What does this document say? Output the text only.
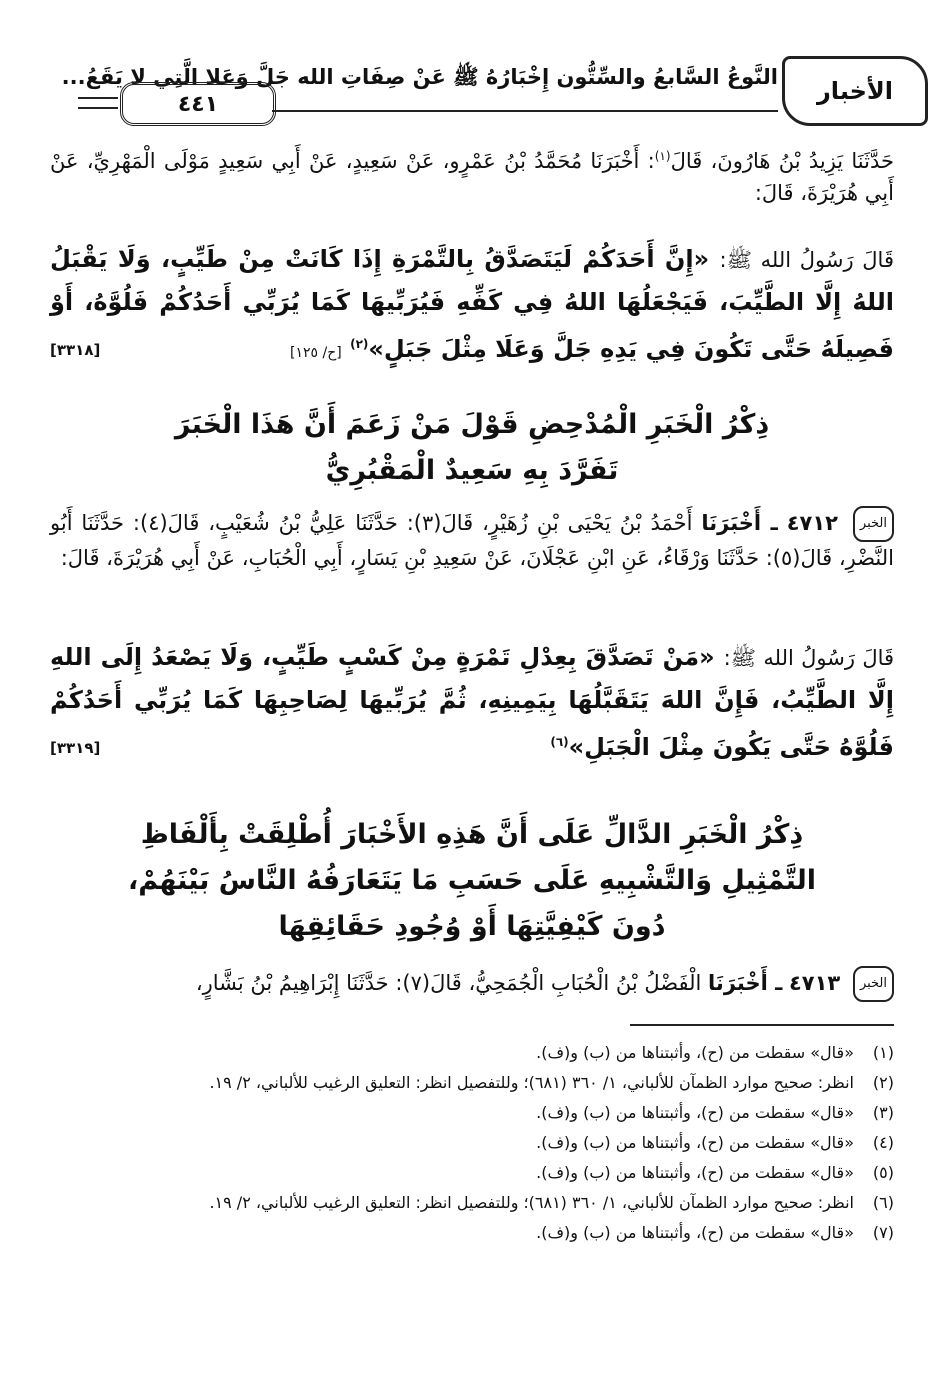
الأخبار
النَّوعُ السَّابعُ والسِّتُّون إِخْبَارُهُ ﷺ عَنْ صِفَاتِ الله جَلَّ وَعَلا الَّتِي لا يَقَعُ...
٤٤١

حَدَّثَنَا يَزِيدُ بْنُ هَارُونَ، قَالَ$^{(١)}$: أَخْبَرَنَا مُحَمَّدُ بْنُ عَمْرٍو، عَنْ سَعِيدٍ، عَنْ أَبِي سَعِيدٍ مَوْلَى الْمَهْرِيِّ، عَنْ أَبِي هُرَيْرَةَ، قَالَ:

قَالَ رَسُولُ الله ﷺ: «إِنَّ أَحَدَكُمْ لَيَتَصَدَّقُ بِالتَّمْرَةِ إِذَا كَانَتْ مِنْ طَيِّبٍ، وَلَا يَقْبَلُ اللهُ إِلَّا الطَّيِّبَ، فَيَجْعَلُهَا اللهُ فِي كَفِّهِ فَيُرَبِّيهَا كَمَا يُرَبِّي أَحَدُكُمْ فَلُوَّهُ، أَوْ فَصِيلَهُ حَتَّى تَكُونَ فِي يَدِهِ جَلَّ وَعَلَا مِثْلَ جَبَلٍ»$^{(٢)}$ [ح/ ١٢٥]
[٣٣١٨]

ذِكْرُ الْخَبَرِ الْمُدْحِضِ قَوْلَ مَنْ زَعَمَ أَنَّ هَذَا الْخَبَرَ
تَفَرَّدَ بِهِ سَعِيدٌ الْمَقْبُرِيُّ

الخبر ٤٧١٢ ـ أَخْبَرَنَا أَحْمَدُ بْنُ يَحْيَى بْنِ زُهَيْرٍ، قَالَ(٣): حَدَّثَنَا عَلِيُّ بْنُ شُعَيْبٍ، قَالَ(٤): حَدَّثَنَا أَبُو النَّضْرِ، قَالَ(٥): حَدَّثَنَا وَرْقَاءُ، عَنِ ابْنِ عَجْلَانَ، عَنْ سَعِيدِ بْنِ يَسَارٍ، أَبِي الْحُبَابِ، عَنْ أَبِي هُرَيْرَةَ، قَالَ:

قَالَ رَسُولُ الله ﷺ: «مَنْ تَصَدَّقَ بِعِدْلِ تَمْرَةٍ مِنْ كَسْبٍ طَيِّبٍ، وَلَا يَصْعَدُ إِلَى اللهِ إِلَّا الطَّيِّبُ، فَإِنَّ اللهَ يَتَقَبَّلُهَا بِيَمِينِهِ، ثُمَّ يُرَبِّيهَا لِصَاحِبِهَا كَمَا يُرَبِّي أَحَدُكُمْ فَلُوَّهُ حَتَّى يَكُونَ مِثْلَ الْجَبَلِ»$^{(٦)}$
[٣٣١٩]

ذِكْرُ الْخَبَرِ الدَّالِّ عَلَى أَنَّ هَذِهِ الأَخْبَارَ أُطْلِقَتْ بِأَلْفَاظِ
التَّمْثِيلِ وَالتَّشْبِيهِ عَلَى حَسَبِ مَا يَتَعَارَفُهُ النَّاسُ بَيْنَهُمْ،
دُونَ كَيْفِيَّتِهَا أَوْ وُجُودِ حَقَائِقِهَا

الخبر ٤٧١٣ ـ أَخْبَرَنَا الْفَضْلُ بْنُ الْحُبَابِ الْجُمَحِيُّ، قَالَ(٧): حَدَّثَنَا إِبْرَاهِيمُ بْنُ بَشَّارٍ،

(١)
«قال» سقطت من (ح)، وأثبتناها من (ب) و(ف).
(٢)
انظر: صحيح موارد الظمآن للألباني، ١/ ٣٦٠ (٦٨١)؛ وللتفصيل انظر: التعليق الرغيب للألباني، ٢/ ١٩.
(٣)
«قال» سقطت من (ح)، وأثبتناها من (ب) و(ف).
(٤)
«قال» سقطت من (ح)، وأثبتناها من (ب) و(ف).
(٥)
«قال» سقطت من (ح)، وأثبتناها من (ب) و(ف).
(٦)
انظر: صحيح موارد الظمآن للألباني، ١/ ٣٦٠ (٦٨١)؛ وللتفصيل انظر: التعليق الرغيب للألباني، ٢/ ١٩.
(٧)
«قال» سقطت من (ح)، وأثبتناها من (ب) و(ف).
